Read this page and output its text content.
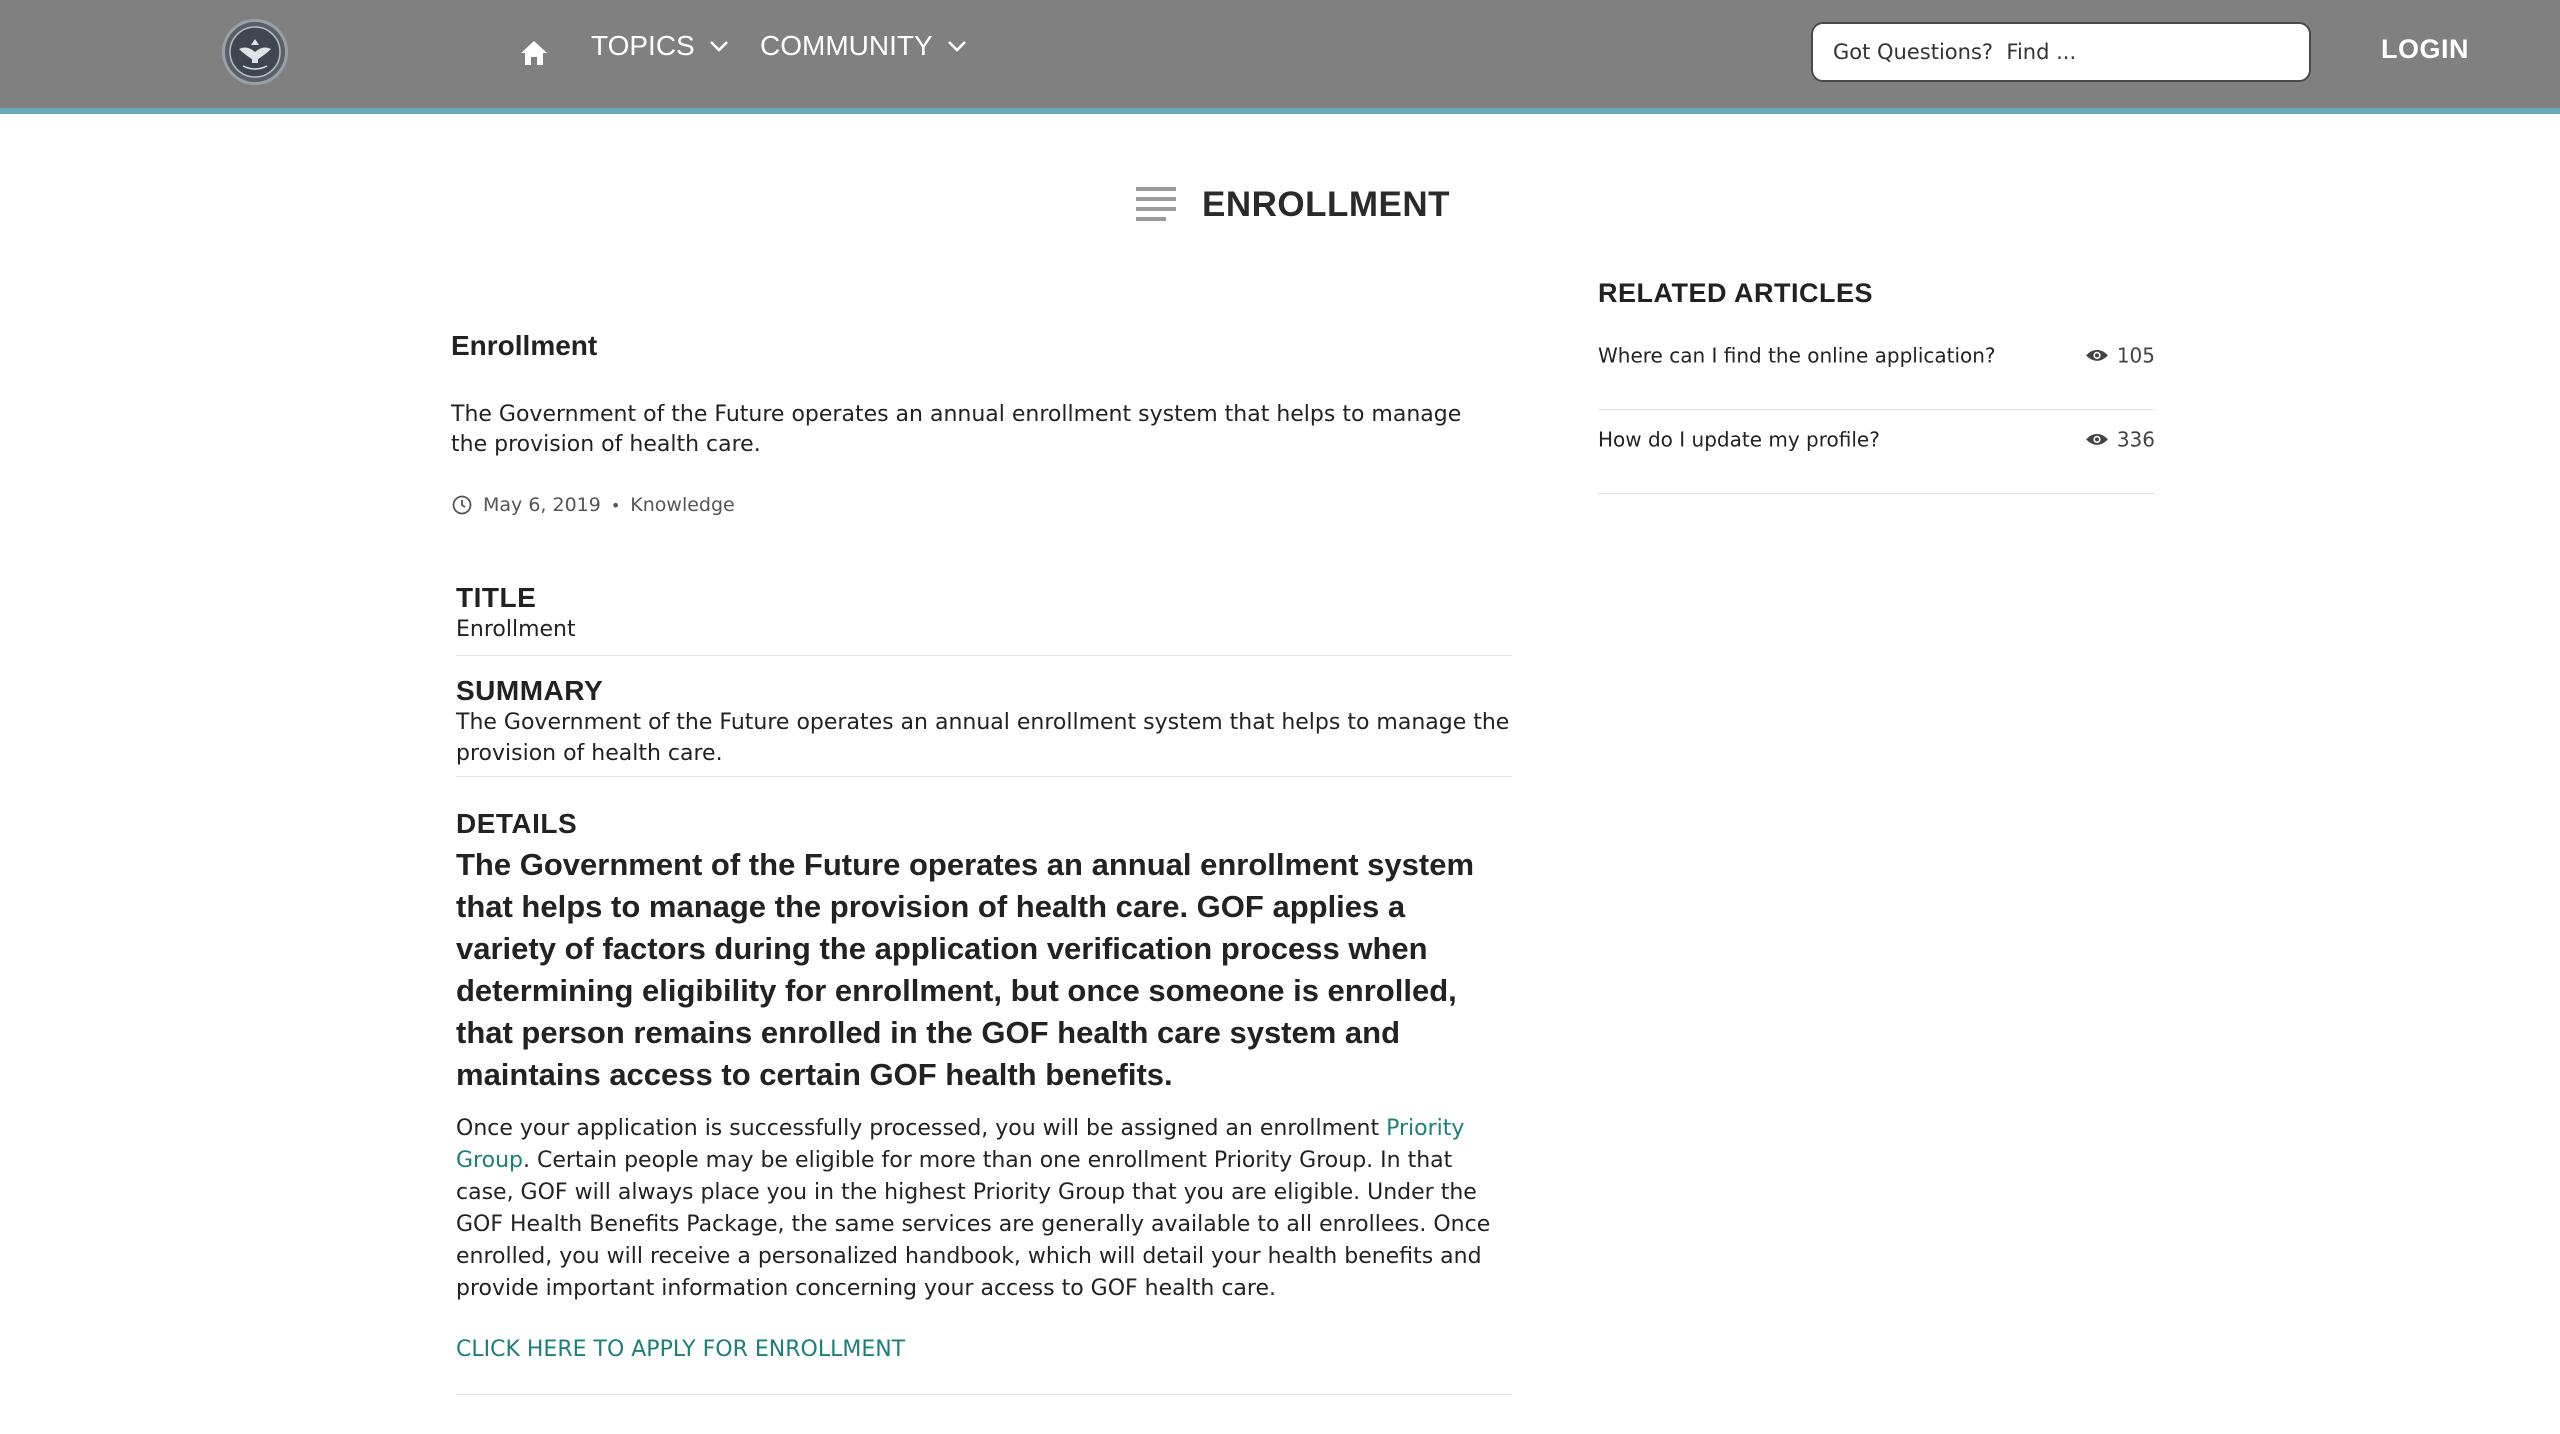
TOPICS COMMUNITY
Got Questions? Find ...	LOGIN
ENROLLMENT
Enrollment
The Government of the Future operates an annual enrollment system that helps to manage the provision of health care.
May 6, 2019 • Knowledge
TITLE
Enrollment
SUMMARY
The Government of the Future operates an annual enrollment system that helps to manage the provision of health care.
DETAILS
The Government of the Future operates an annual enrollment system that helps to manage the provision of health care. GOF applies a variety of factors during the application verification process when determining eligibility for enrollment, but once someone is enrolled, that person remains enrolled in the GOF health care system and maintains access to certain GOF health benefits.
Once your application is successfully processed, you will be assigned an enrollment Priority Group. Certain people may be eligible for more than one enrollment Priority Group. In that case, GOF will always place you in the highest Priority Group that you are eligible. Under the GOF Health Benefits Package, the same services are generally available to all enrollees. Once enrolled, you will receive a personalized handbook, which will detail your health benefits and provide important information concerning your access to GOF health care.
CLICK HERE TO APPLY FOR ENROLLMENT
RELATED ARTICLES
Where can I find the online application?	105
How do I update my profile?	336
